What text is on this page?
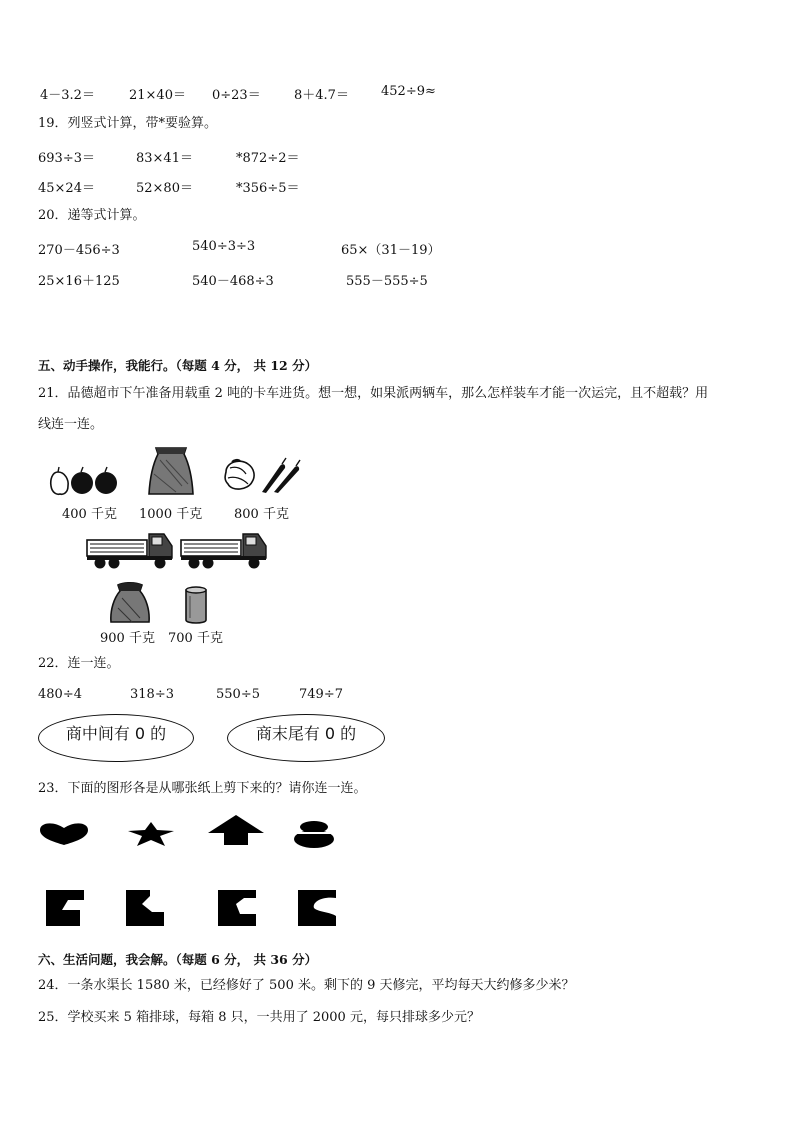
4－3.2＝	21×40＝ 0÷23＝	8＋4.7＝ 452÷9≈
19．列竖式计算，带*要验算。
693÷3＝	83×41＝	*872÷2＝
45×24＝	52×80＝	*356÷5＝
20．递等式计算。
270－456÷3	540÷3÷3	65×（31－19）
25×16＋125	540－468÷3	555－555÷5
五、动手操作，我能行。（每题 4 分， 共 12 分）
21．品德超市下午准备用载重 2 吨的卡车进货。想一想，如果派两辆车，那么怎样装车才能一次运完，且不超载？用
线连一连。
400 千克 1000 千克 800 千克
900 千克 700 千克
22．连一连。
480÷4	318÷3	550÷5	749÷7
商中间有 0 的	商末尾有 0 的
23．下面的图形各是从哪张纸上剪下来的？请你连一连。
六、生活问题，我会解。（每题 6 分， 共 36 分）
24．一条水渠长 1580 米，已经修好了 500 米。剩下的 9 天修完，平均每天大约修多少米？
25．学校买来 5 箱排球，每箱 8 只，一共用了 2000 元，每只排球多少元？
